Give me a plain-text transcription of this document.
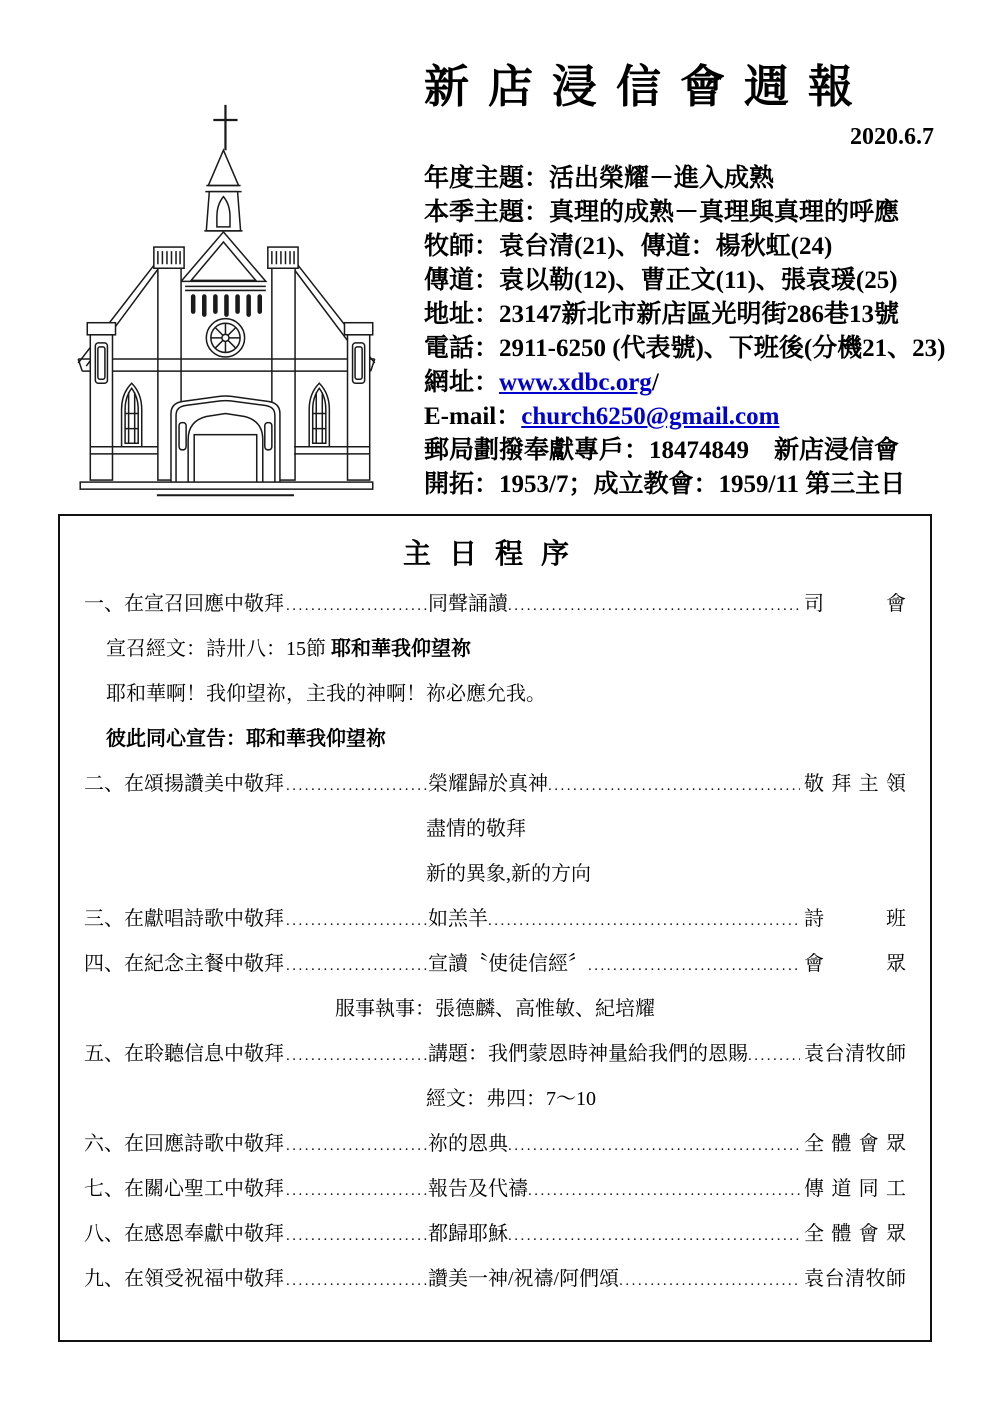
新店浸信會週報
2020.6.7
年度主題：活出榮耀－進入成熟
本季主題：真理的成熟－真理與真理的呼應
牧師：袁台清(21)、傳道：楊秋虹(24)
傳道：袁以勒(12)、曹正文(11)、張袁瑗(25)
地址：23147新北市新店區光明街286巷13號
電話：2911-6250 (代表號)、下班後(分機21、23)
網址：www.xdbc.org/
E-mail：church6250@gmail.com
郵局劃撥奉獻專戶：18474849　新店浸信會
開拓：1953/7；成立教會：1959/11 第三主日
主日程序
一、在宣召回應中敬拜 .....	同聲誦讀 .....	司會
宣召經文：詩卅八：15節 耶和華我仰望祢
耶和華啊！我仰望祢，主我的神啊！祢必應允我。
彼此同心宣告：耶和華我仰望祢
二、在頌揚讚美中敬拜 .....	榮耀歸於真神 .....	敬拜主領
盡情的敬拜
新的異象,新的方向
三、在獻唱詩歌中敬拜 .....	如羔羊 .....	詩班
四、在紀念主餐中敬拜 .....	宣讀〝使徒信經〞 .....	會眾
服事執事：張德麟、高惟敏、紀培耀
五、在聆聽信息中敬拜 .....	講題：我們蒙恩時神量給我們的恩賜 .....	袁台清牧師
經文：弗四：7～10
六、在回應詩歌中敬拜 .....	祢的恩典 .....	全體會眾
七、在關心聖工中敬拜 .....	報告及代禱 .....	傳道同工
八、在感恩奉獻中敬拜 .....	都歸耶穌 .....	全體會眾
九、在領受祝福中敬拜 .....	讚美一神/祝禱/阿們頌 .....	袁台清牧師
